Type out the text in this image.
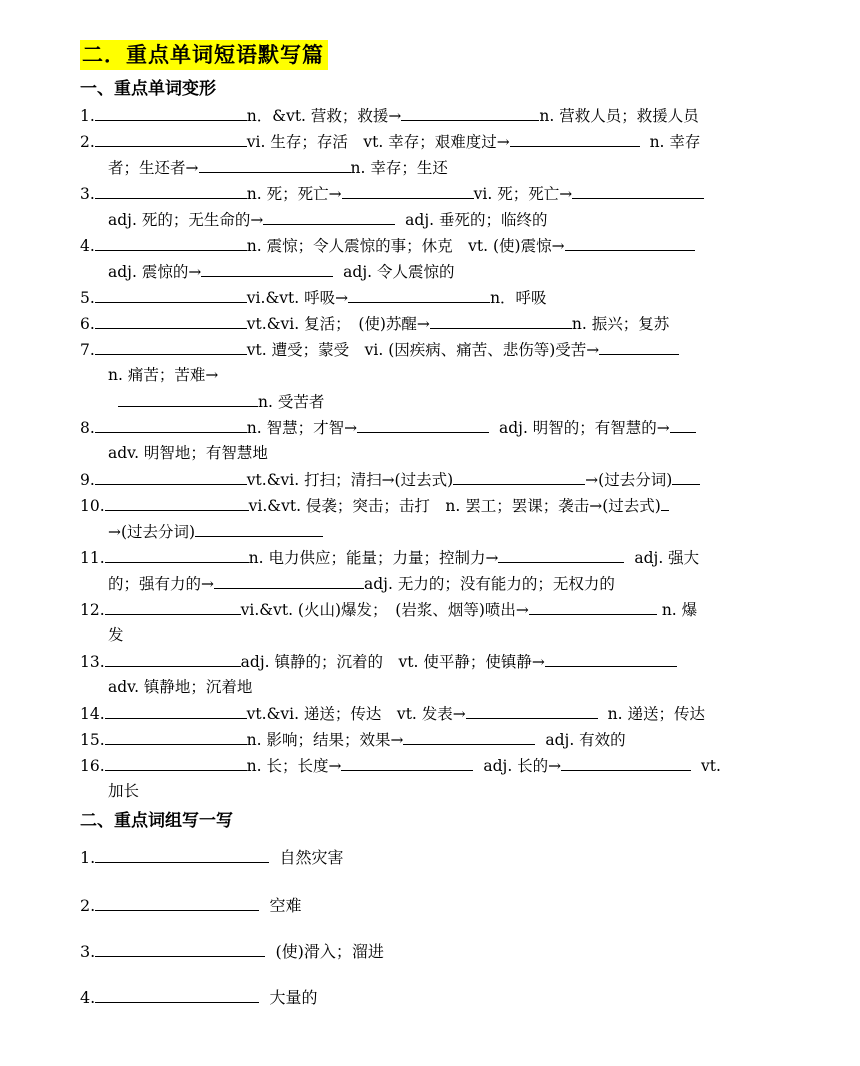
二．重点单词短语默写篇
一、重点单词变形
1.	n．&vt. 营救；救援→	n. 营救人员；救援人员
2.	vi. 生存；存活　vt. 幸存；艰难度过→	n. 幸存
者；生还者→	n. 幸存；生还
3.	n. 死；死亡→	vi. 死；死亡→
adj. 死的；无生命的→	adj. 垂死的；临终的
4.	n. 震惊；令人震惊的事；休克　vt. (使)震惊→
adj. 震惊的→	adj. 令人震惊的
5.	vi.&vt. 呼吸→	n．呼吸
6.	vt.&vi. 复活；　(使)苏醒→	n. 振兴；复苏
7.	vt. 遭受；蒙受　vi. (因疾病、痛苦、悲伤等)受苦→
n. 痛苦；苦难→
n. 受苦者
8.	n. 智慧；才智→	adj. 明智的；有智慧的→
adv. 明智地；有智慧地
9.	vt.&vi. 打扫；清扫→(过去式)	→(过去分词)
10.	vi.&vt. 侵袭；突击；击打　n. 罢工；罢课；袭击→(过去式)
→(过去分词)
11.	n. 电力供应；能量；力量；控制力→	adj. 强大
的；强有力的→	adj. 无力的；没有能力的；无权力的
12.	vi.&vt. (火山)爆发；　(岩浆、烟等)喷出→	n. 爆
发
13.	adj. 镇静的；沉着的　vt. 使平静；使镇静→
adv. 镇静地；沉着地
14.	vt.&vi. 递送；传达　vt. 发表→	n. 递送；传达
15.	n. 影响；结果；效果→	adj. 有效的
16.	n. 长；长度→	adj. 长的→	vt.
加长
二、重点词组写一写
1.	自然灾害
2.	空难
3.	(使)滑入；溜进
4.	大量的
